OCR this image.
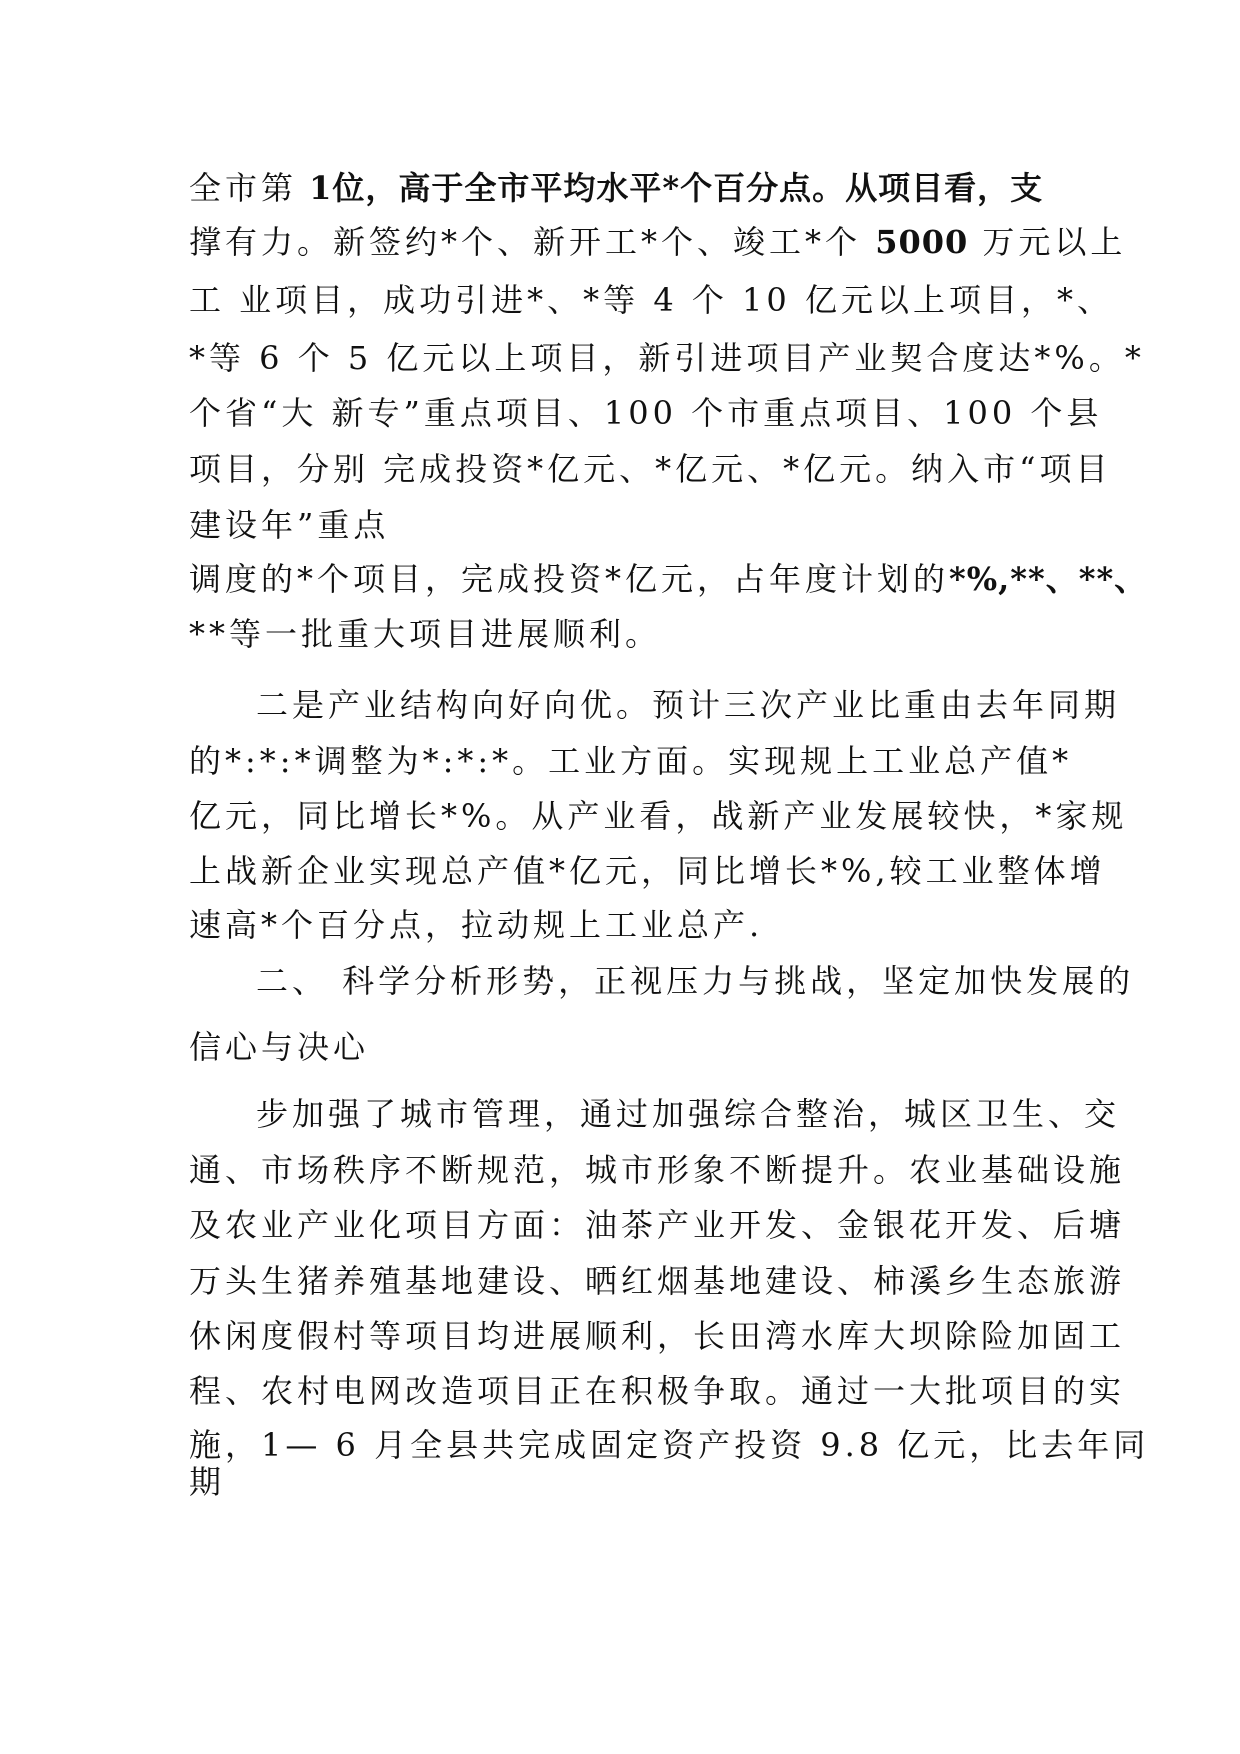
全市第 1位，高于全市平均水平*个百分点。从项目看，支
撑有力。新签约*个、新开工*个、竣工*个 5000 万元以上
工 业项目，成功引进*、*等 4 个 10 亿元以上项目，*、
*等 6 个 5 亿元以上项目，新引进项目产业契合度达*%。*
个省“大 新专”重点项目、100 个市重点项目、100 个县
项目，分别 完成投资*亿元、*亿元、*亿元。纳入市“项目
建设年”重点
调度的*个项目，完成投资*亿元，占年度计划的*%,**、**、
**等一批重大项目进展顺利。
二是产业结构向好向优。预计三次产业比重由去年同期
的*:*:*调整为*:*:*。工业方面。实现规上工业总产值*
亿元，同比增长*%。从产业看，战新产业发展较快，*家规
上战新企业实现总产值*亿元，同比增长*%,较工业整体增
速高*个百分点，拉动规上工业总产.
二、 科学分析形势，正视压力与挑战，坚定加快发展的
信心与决心
步加强了城市管理，通过加强综合整治，城区卫生、交
通、市场秩序不断规范，城市形象不断提升。农业基础设施
及农业产业化项目方面：油茶产业开发、金银花开发、后塘
万头生猪养殖基地建设、晒红烟基地建设、柿溪乡生态旅游
休闲度假村等项目均进展顺利，长田湾水库大坝除险加固工
程、农村电网改造项目正在积极争取。通过一大批项目的实
施，1— 6 月全县共完成固定资产投资 9.8 亿元，比去年同
期
